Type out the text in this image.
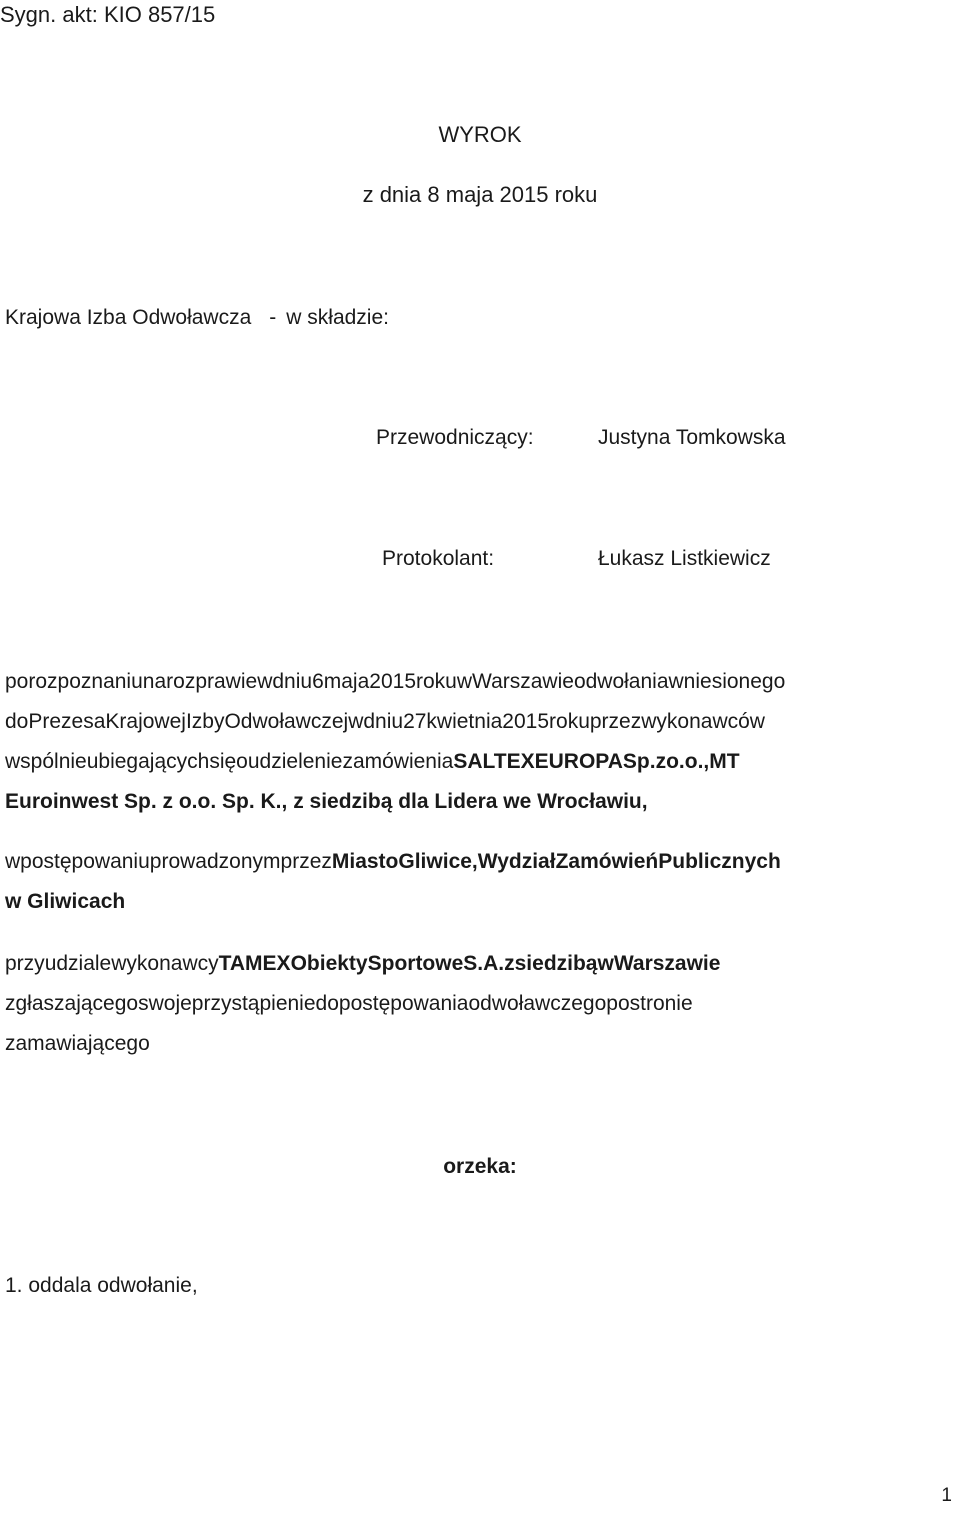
Sygn. akt: KIO 857/15
WYROK
z dnia 8 maja 2015 roku
Krajowa Izba Odwoławcza - w składzie:
Przewodniczący:	Justyna Tomkowska
Protokolant:	Łukasz Listkiewicz
porozpoznaniunarozprawiewdniu6maja2015rokuwWarszawieodwołaniawniesionego
doPrezesaKrajowejIzbyOdwoławczejwdniu27kwietnia2015rokuprzezwykonawców
wspólnieubiegającychsięoudzieleniezamówieniaSALTEXEUROPASp.zo.o.,MT
Euroinwest Sp. z o.o. Sp. K., z siedzibą dla Lidera we Wrocławiu,
wpostępowaniuprowadzonymprzezMiastoGliwice,WydziałZamówieńPublicznych
w Gliwicach
przyudzialewykonawcyTAMEXObiektySportoweS.A.zsiedzibąwWarszawie
zgłaszającegoswojeprzystąpieniedopostępowaniaodwoławczegopostronie
zamawiającego
orzeka:
1. oddala odwołanie,
1
